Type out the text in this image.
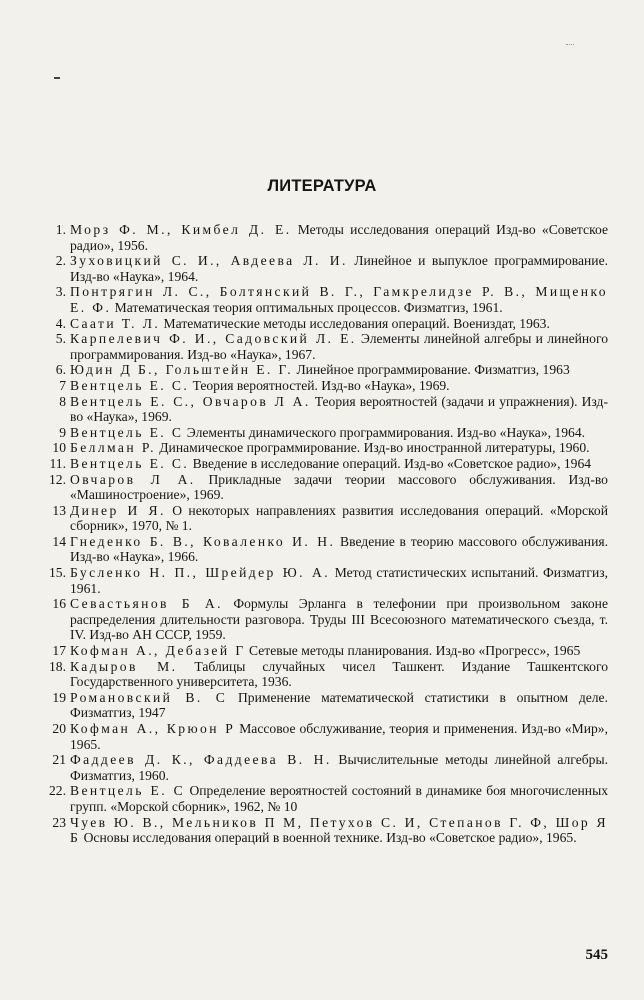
ЛИТЕРАТУРА
1. Морз Ф. М., Кимбел Д. Е. Методы исследования операций Изд-во «Советское радио», 1956.
2. Зуховицкий С. И., Авдеева Л. И. Линейное и выпуклое программирование. Изд-во «Наука», 1964.
3. Понтрягин Л. С., Болтянский В. Г., Гамкрелидзе Р. В., Мищенко Е. Ф. Математическая теория оптимальных процессов. Физматгиз, 1961.
4. Саати Т. Л. Математические методы исследования операций. Воениздат, 1963.
5. Карпелевич Ф. И., Садовский Л. Е. Элементы линейной алгебры и линейного программирования. Изд-во «Наука», 1967.
6. Юдин Д Б., Гольштейн Е. Г. Линейное программирование. Физматгиз, 1963
7 Вентцель Е. С. Теория вероятностей. Изд-во «Наука», 1969.
8 Вентцель Е. С., Овчаров Л А. Теория вероятностей (задачи и упражнения). Изд-во «Наука», 1969.
9 Вентцель Е. С Элементы динамического программирования. Изд-во «Наука», 1964.
10 Беллман Р. Динамическое программирование. Изд-во иностранной литературы, 1960.
11. Вентцель Е. С. Введение в исследование операций. Изд-во «Советское радио», 1964
12. Овчаров Л А. Прикладные задачи теории массового обслуживания. Изд-во «Машиностроение», 1969.
13 Динер И Я. О некоторых направлениях развития исследования операций. «Морской сборник», 1970, № 1.
14 Гнеденко Б. В., Коваленко И. Н. Введение в теорию массового обслуживания. Изд-во «Наука», 1966.
15. Бусленко Н. П., Шрейдер Ю. А. Метод статистических испытаний. Физматгиз, 1961.
16 Севастьянов Б А. Формулы Эрланга в телефонии при произвольном законе распределения длительности разговора. Труды III Всесоюзного математического съезда, т. IV. Изд-во АН СССР, 1959.
17 Кофман А., Дебазей Г Сетевые методы планирования. Изд-во «Прогресс», 1965
18. Кадыров М. Таблицы случайных чисел Ташкент. Издание Ташкентского Государственного университета, 1936.
19 Романовский В. С Применение математической статистики в опытном деле. Физматгиз, 1947
20 Кофман А., Крюон Р Массовое обслуживание, теория и применения. Изд-во «Мир», 1965.
21 Фаддеев Д. К., Фаддеева В. Н. Вычислительные методы линейной алгебры. Физматгиз, 1960.
22. Вентцель Е. С Определение вероятностей состояний в динамике боя многочисленных групп. «Морской сборник», 1962, № 10
23 Чуев Ю. В., Мельников П М, Петухов С. И, Степанов Г. Ф, Шор Я Б Основы исследования операций в военной технике. Изд-во «Советское радио», 1965.
545
